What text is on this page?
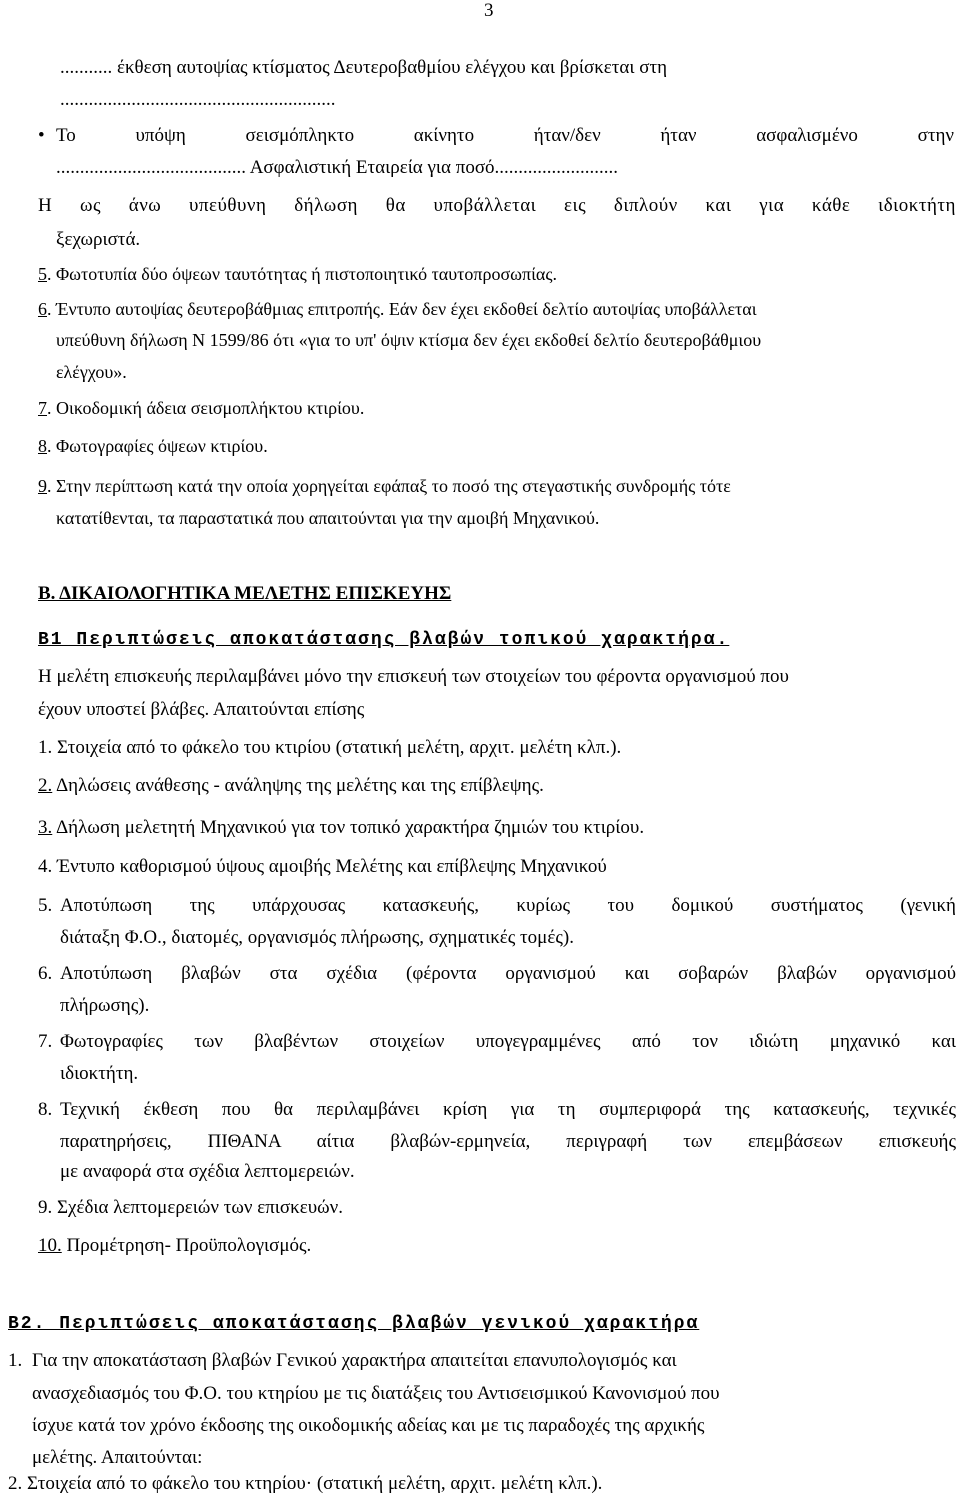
3
........... έκθεση αυτοψίας κτίσματος Δευτεροβαθμίου ελέγχου και βρίσκεται στη
..........................................................
• Το υπόψη σεισμόπληκτο ακίνητο ήταν/δεν ήταν ασφαλισμένο στην
........................................ Ασφαλιστική Εταιρεία για ποσό..........................
Η ως άνω υπεύθυνη δήλωση θα υποβάλλεται εις διπλούν και για κάθε ιδιοκτήτη
ξεχωριστά.
5. Φωτοτυπία δύο όψεων ταυτότητας ή πιστοποιητικό ταυτοπροσωπίας.
6. Έντυπο αυτοψίας δευτεροβάθμιας επιτροπής. Εάν δεν έχει εκδοθεί δελτίο αυτοψίας υποβάλλεται
υπεύθυνη δήλωση Ν 1599/86 ότι «για το υπ' όψιν κτίσμα δεν έχει εκδοθεί δελτίο δευτεροβάθμιου
ελέγχου».
7. Οικοδομική άδεια σεισμοπλήκτου κτιρίου.
8. Φωτογραφίες όψεων κτιρίου.
9. Στην περίπτωση κατά την οποία χορηγείται εφάπαξ το ποσό της στεγαστικής συνδρομής τότε
κατατίθενται, τα παραστατικά που απαιτούνται για την αμοιβή Μηχανικού.
Β. ΔΙΚΑΙΟΛΟΓΗΤΙΚΑ ΜΕΛΕΤΗΣ ΕΠΙΣΚΕΥΗΣ
Β1 Περιπτώσεις αποκατάστασης βλαβών τοπικού χαρακτήρα.
Η μελέτη επισκευής περιλαμβάνει μόνο την επισκευή των στοιχείων του φέροντα οργανισμού που
έχουν υποστεί βλάβες. Απαιτούνται επίσης
1. Στοιχεία από το φάκελο του κτιρίου (στατική μελέτη, αρχιτ. μελέτη κλπ.).
2. Δηλώσεις ανάθεσης - ανάληψης της μελέτης και της επίβλεψης.
3. Δήλωση μελετητή Μηχανικού για τον τοπικό χαρακτήρα ζημιών του κτιρίου.
4. Έντυπο καθορισμού ύψους αμοιβής Μελέτης και επίβλεψης Μηχανικού
5. Αποτύπωση της υπάρχουσας κατασκευής, κυρίως του δομικού συστήματος (γενική
διάταξη Φ.Ο., διατομές, οργανισμός πλήρωσης, σχηματικές τομές).
6. Αποτύπωση βλαβών στα σχέδια (φέροντα οργανισμού και σοβαρών βλαβών οργανισμού
πλήρωσης).
7. Φωτογραφίες των βλαβέντων στοιχείων υπογεγραμμένες από τον ιδιώτη μηχανικό και
ιδιοκτήτη.
8. Τεχνική έκθεση που θα περιλαμβάνει κρίση για τη συμπεριφορά της κατασκευής, τεχνικές
παρατηρήσεις, ΠΙΘΑΝΑ αίτια βλαβών-ερμηνεία, περιγραφή των επεμβάσεων επισκευής
με αναφορά στα σχέδια λεπτομερειών.
9. Σχέδια λεπτομερειών των επισκευών.
10. Προμέτρηση- Προϋπολογισμός.
Β2. Περιπτώσεις αποκατάστασης βλαβών γενικού χαρακτήρα
1. Για την αποκατάσταση βλαβών Γενικού χαρακτήρα απαιτείται επανυπολογισμός και
ανασχεδιασμός του Φ.Ο. του κτηρίου με τις διατάξεις του Αντισεισμικού Κανονισμού που
ίσχυε κατά τον χρόνο έκδοσης της οικοδομικής αδείας και με τις παραδοχές της αρχικής
μελέτης. Απαιτούνται:
2. Στοιχεία από το φάκελο του κτηρίου· (στατική μελέτη, αρχιτ. μελέτη κλπ.).
